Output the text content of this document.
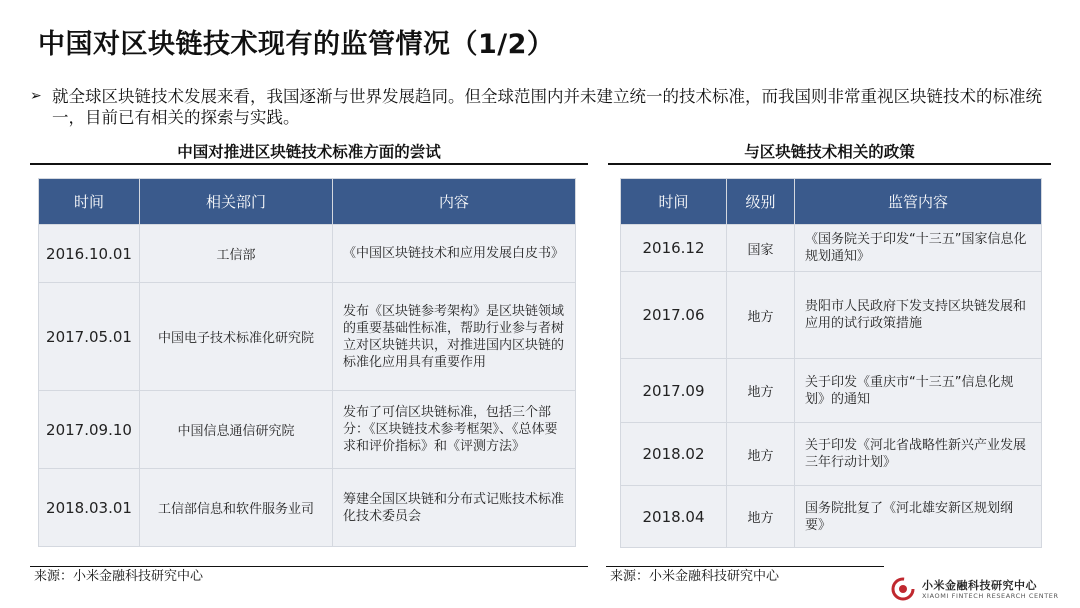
中国对区块链技术现有的监管情况（1/2）
➢ 就全球区块链技术发展来看，我国逐渐与世界发展趋同。但全球范围内并未建立统一的技术标准，而我国则非常重视区块链技术的标准统一，目前已有相关的探索与实践。
中国对推进区块链技术标准方面的尝试
时间	相关部门	内容
2016.10.01	工信部	《中国区块链技术和应用发展白皮书》
2017.05.01	中国电子技术标准化研究院	发布《区块链参考架构》是区块链领域的重要基础性标准，帮助行业参与者树立对区块链共识，对推进国内区块链的标准化应用具有重要作用
2017.09.10	中国信息通信研究院	发布了可信区块链标准，包括三个部分：《区块链技术参考框架》、《总体要求和评价指标》和《评测方法》
2018.03.01	工信部信息和软件服务业司	筹建全国区块链和分布式记账技术标准化技术委员会
与区块链技术相关的政策
时间	级别	监管内容
2016.12	国家	《国务院关于印发“十三五”国家信息化规划通知》
2017.06	地方	贵阳市人民政府下发支持区块链发展和应用的试行政策措施
2017.09	地方	关于印发《重庆市“十三五”信息化规划》的通知
2018.02	地方	关于印发《河北省战略性新兴产业发展三年行动计划》
2018.04	地方	国务院批复了《河北雄安新区规划纲要》
来源：小米金融科技研究中心	来源：小米金融科技研究中心
小米金融科技研究中心
XIAOMI FINTECH RESEARCH CENTER
